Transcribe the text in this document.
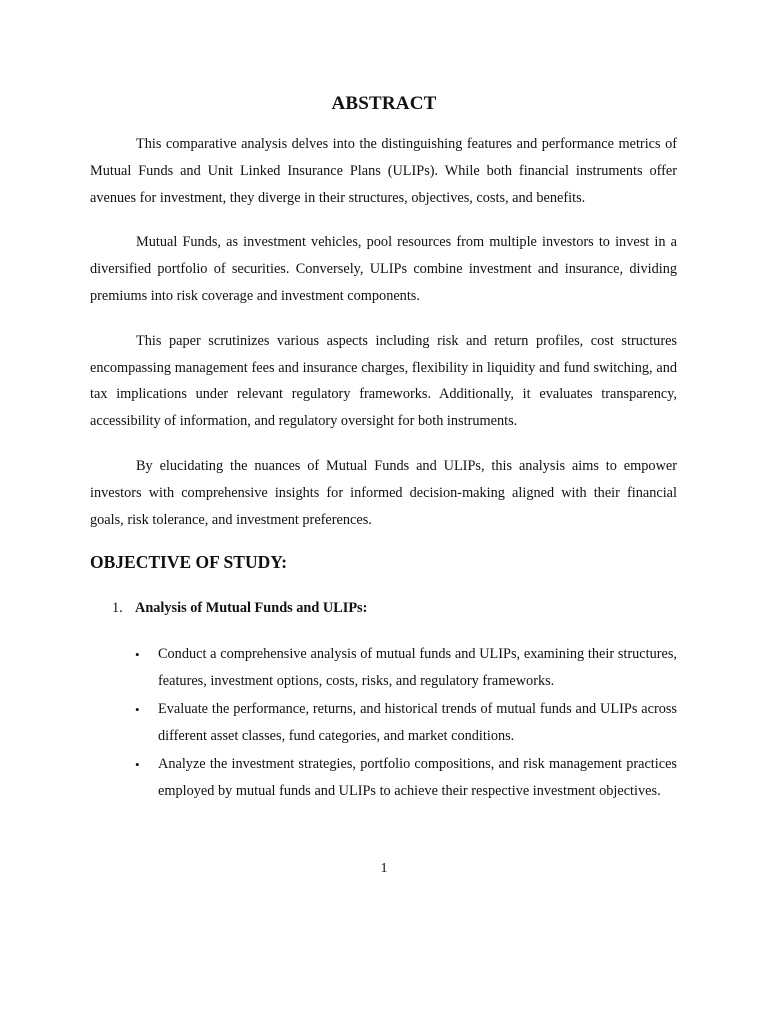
ABSTRACT

This comparative analysis delves into the distinguishing features and performance metrics of Mutual Funds and Unit Linked Insurance Plans (ULIPs). While both financial instruments offer avenues for investment, they diverge in their structures, objectives, costs, and benefits.

Mutual Funds, as investment vehicles, pool resources from multiple investors to invest in a diversified portfolio of securities. Conversely, ULIPs combine investment and insurance, dividing premiums into risk coverage and investment components.

This paper scrutinizes various aspects including risk and return profiles, cost structures encompassing management fees and insurance charges, flexibility in liquidity and fund switching, and tax implications under relevant regulatory frameworks. Additionally, it evaluates transparency, accessibility of information, and regulatory oversight for both instruments.

By elucidating the nuances of Mutual Funds and ULIPs, this analysis aims to empower investors with comprehensive insights for informed decision-making aligned with their financial goals, risk tolerance, and investment preferences.

OBJECTIVE OF STUDY:
1. Analysis of Mutual Funds and ULIPs:
• Conduct a comprehensive analysis of mutual funds and ULIPs, examining their structures, features, investment options, costs, risks, and regulatory frameworks.
• Evaluate the performance, returns, and historical trends of mutual funds and ULIPs across different asset classes, fund categories, and market conditions.
• Analyze the investment strategies, portfolio compositions, and risk management practices employed by mutual funds and ULIPs to achieve their respective investment objectives.
1
